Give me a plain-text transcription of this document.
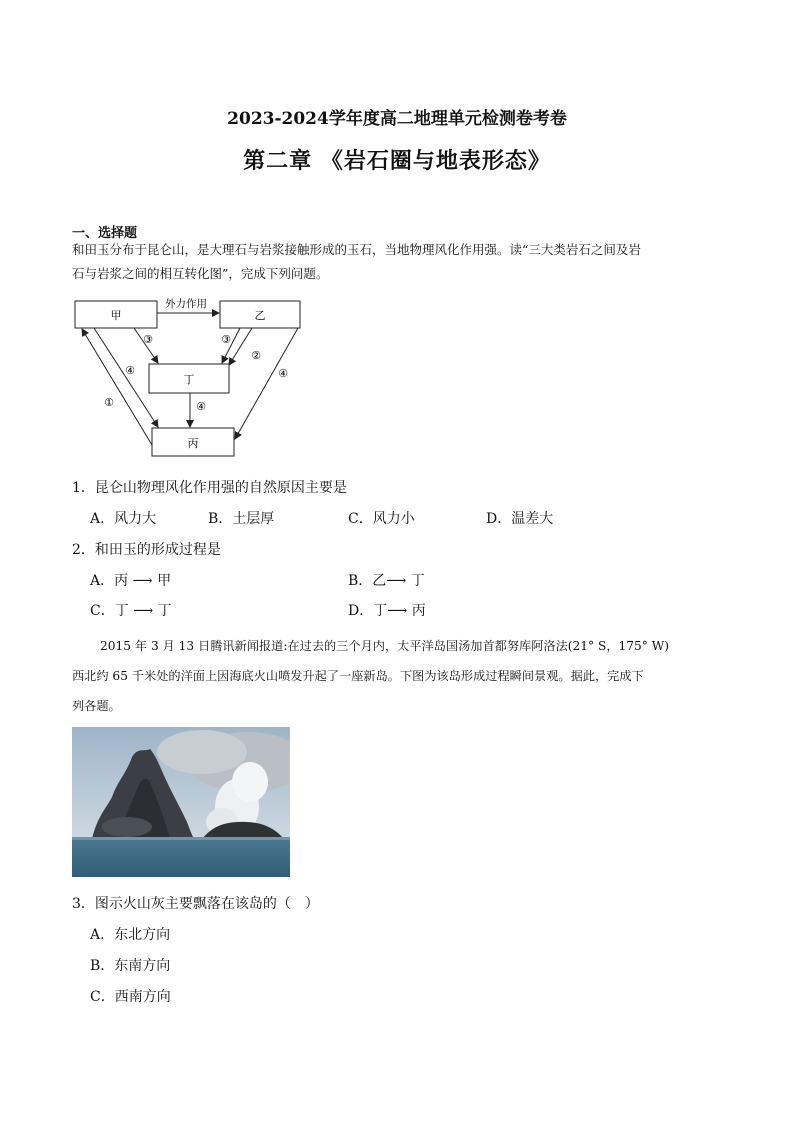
2023-2024学年度高二地理单元检测卷考卷
第二章 《岩石圈与地表形态》
一、选择题
和田玉分布于昆仑山，是大理石与岩浆接触形成的玉石，当地物理风化作用强。读“三大类岩石之间及岩
石与岩浆之间的相互转化图”，完成下列问题。
甲	乙
丁
丙
外力作用
③	③
②
①
④
④
④
1．昆仑山物理风化作用强的自然原因主要是
A．风力大	B．土层厚	C．风力小	D．温差大
2．和田玉的形成过程是
A．丙 ⟶ 甲	B．乙⟶ 丁
C．丁 ⟶ 丁	D．丁⟶ 丙
2015 年 3 月 13 日腾讯新闻报道:在过去的三个月内，太平洋岛国汤加首都努库阿洛法(21° S，175° W)
西北约 65 千米处的洋面上因海底火山喷发升起了一座新岛。下图为该岛形成过程瞬间景观。据此，完成下
列各题。
3．图示火山灰主要飘落在该岛的（　）
A．东北方向
B．东南方向
C．西南方向
